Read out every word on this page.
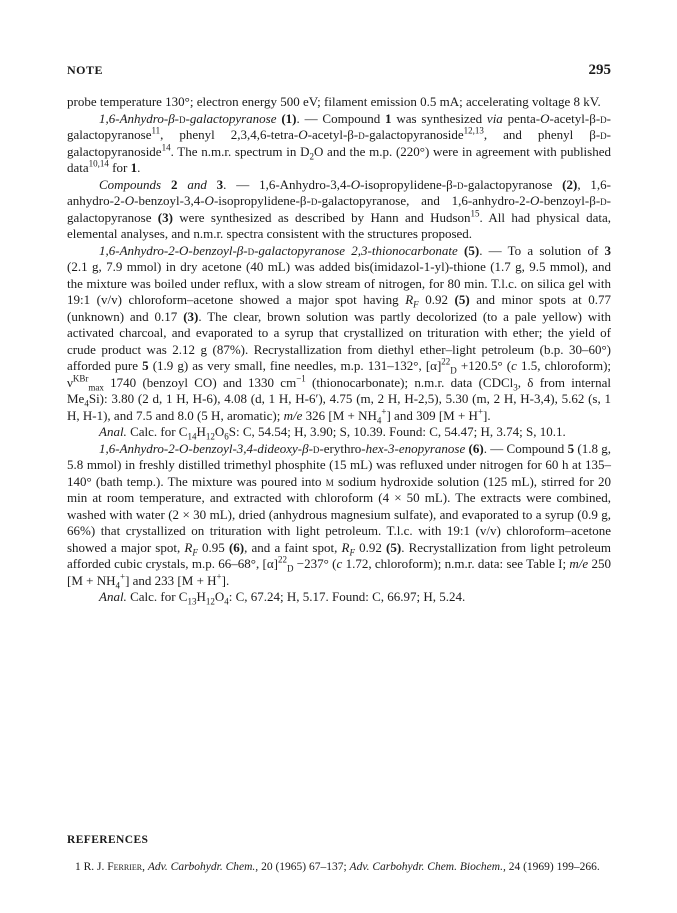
NOTE	295

probe temperature 130°; electron energy 500 eV; filament emission 0.5 mA; accelerating voltage 8 kV.

1,6-Anhydro-β-d-galactopyranose (1). — Compound 1 was synthesized via penta-O-acetyl-β-d-galactopyranose$^{11}$, phenyl 2,3,4,6-tetra-O-acetyl-β-d-galactopyranoside$^{12,13}$, and phenyl β-d-galactopyranoside$^{14}$. The n.m.r. spectrum in $D_2O$ and the m.p. (220°) were in agreement with published data$^{10,14}$ for 1.

Compounds 2 and 3. — 1,6-Anhydro-3,4-O-isopropylidene-β-d-galactopyranose (2), 1,6-anhydro-2-O-benzoyl-3,4-O-isopropylidene-β-d-galactopyranose, and 1,6-anhydro-2-O-benzoyl-β-d-galactopyranose (3) were synthesized as described by Hann and Hudson$^{15}$. All had physical data, elemental analyses, and n.m.r. spectra consistent with the structures proposed.

1,6-Anhydro-2-O-benzoyl-β-d-galactopyranose 2,3-thionocarbonate (5). — To a solution of 3 (2.1 g, 7.9 mmol) in dry acetone (40 mL) was added bis(imidazol-1-yl)-thione (1.7 g, 9.5 mmol), and the mixture was boiled under reflux, with a slow stream of nitrogen, for 80 min. T.l.c. on silica gel with 19:1 (v/v) chloroform–acetone showed a major spot having $R_F$ 0.92 (5) and minor spots at 0.77 (unknown) and 0.17 (3). The clear, brown solution was partly decolorized (to a pale yellow) with activated charcoal, and evaporated to a syrup that crystallized on trituration with ether; the yield of crude product was 2.12 g (87%). Recrystallization from diethyl ether–light petroleum (b.p. 30–60°) afforded pure 5 (1.9 g) as very small, fine needles, m.p. 131–132°, $[\alpha]^{22}_D +120.5^\circ$ (c 1.5, chloroform); $\nu^{KBr}_{max}$ 1740 (benzoyl CO) and 1330 $cm^{-1}$ (thionocarbonate); n.m.r. data (CDCl$_3$, δ from internal $Me_4Si$): 3.80 (2 d, 1 H, H-6), 4.08 (d, 1 H, H-6′), 4.75 (m, 2 H, H-2,5), 5.30 (m, 2 H, H-3,4), 5.62 (s, 1 H, H-1), and 7.5 and 8.0 (5 H, aromatic); m/e 326 $[M + NH_4^+]$ and 309 [M + H+].

Anal. Calc. for $C_{14}H_{12}O_6S$: C, 54.54; H, 3.90; S, 10.39. Found: C, 54.47; H, 3.74; S, 10.1.

1,6-Anhydro-2-O-benzoyl-3,4-dideoxy-β-d-erythro-hex-3-enopyranose (6). — Compound 5 (1.8 g, 5.8 mmol) in freshly distilled trimethyl phosphite (15 mL) was refluxed under nitrogen for 60 h at 135–140° (bath temp.). The mixture was poured into m sodium hydroxide solution (125 mL), stirred for 20 min at room temperature, and extracted with chloroform (4 × 50 mL). The extracts were combined, washed with water (2 × 30 mL), dried (anhydrous magnesium sulfate), and evaporated to a syrup (0.9 g, 66%) that crystallized on trituration with light petroleum. T.l.c. with 19:1 (v/v) chloroform–acetone showed a major spot, $R_F$ 0.95 (6), and a faint spot, $R_F$ 0.92 (5). Recrystallization from light petroleum afforded cubic crystals, m.p. 66–68°, $[\alpha]^{22}_D -237^\circ$ (c 1.72, chloroform); n.m.r. data: see Table I; m/e 250 $[M + NH_4^+]$ and 233 [M + H+].

Anal. Calc. for $C_{13}H_{12}O_4$: C, 67.24; H, 5.17. Found: C, 66.97; H, 5.24.

REFERENCES
1 R. J. Ferrier, Adv. Carbohydr. Chem., 20 (1965) 67–137; Adv. Carbohydr. Chem. Biochem., 24 (1969) 199–266.
